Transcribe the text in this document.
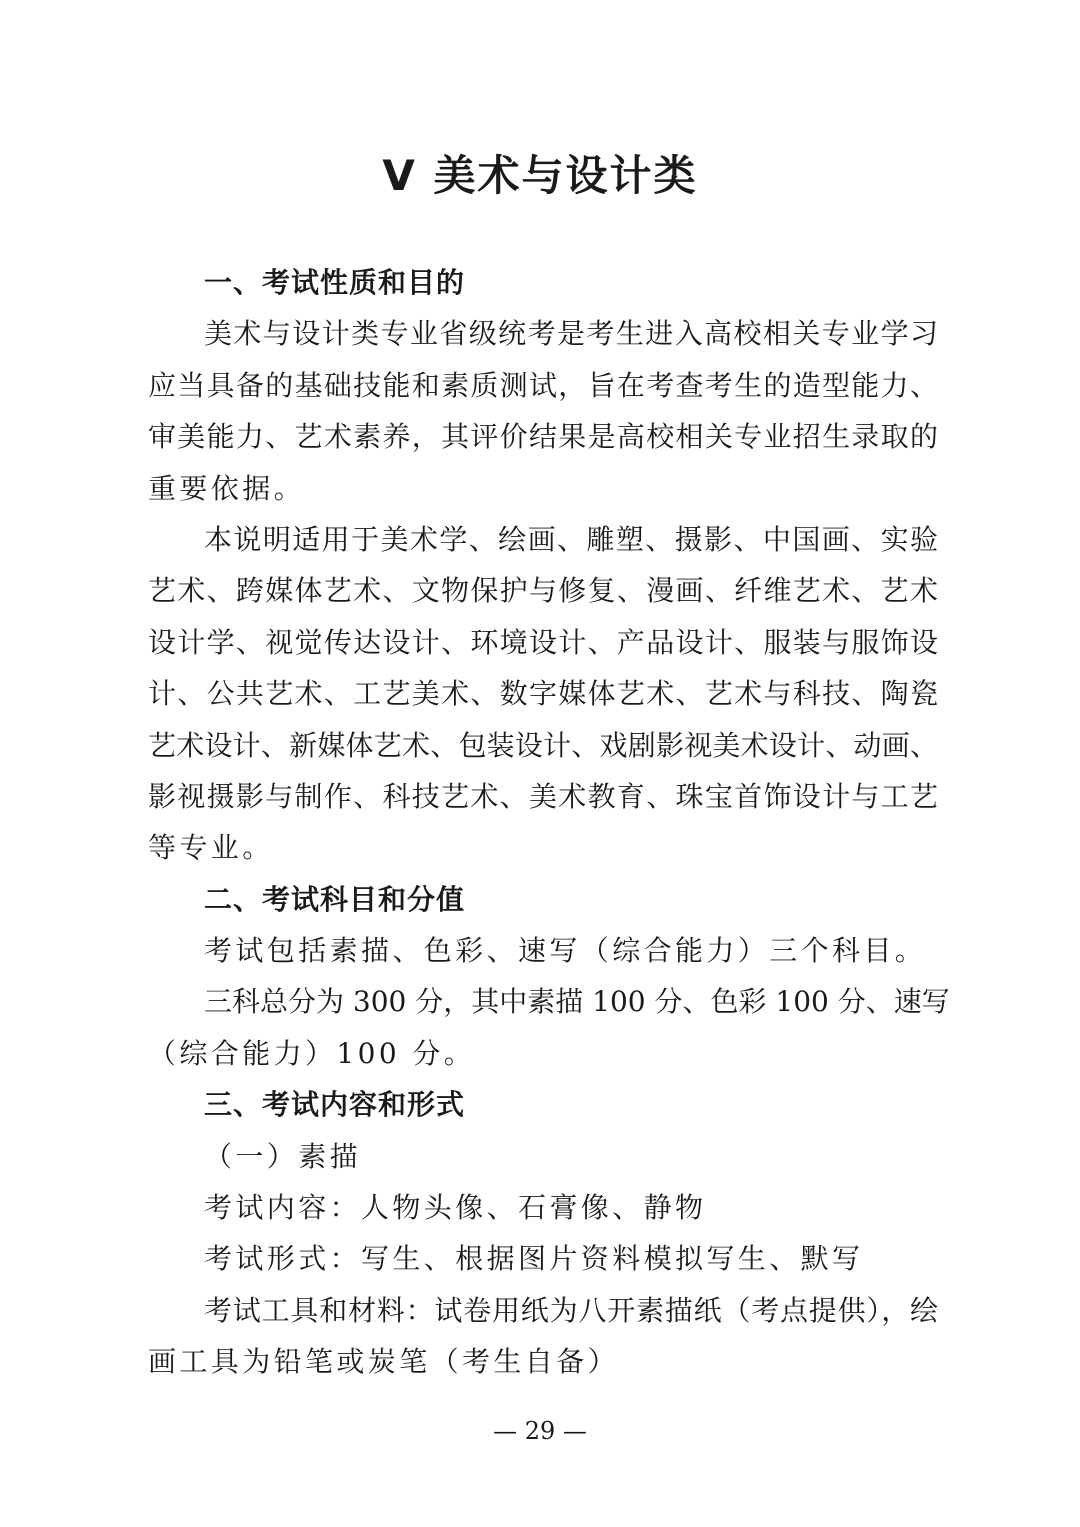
V 美术与设计类
一、考试性质和目的
美术与设计类专业省级统考是考生进入高校相关专业学习
应当具备的基础技能和素质测试，旨在考查考生的造型能力、
审美能力、艺术素养，其评价结果是高校相关专业招生录取的
重要依据。
本说明适用于美术学、绘画、雕塑、摄影、中国画、实验
艺术、跨媒体艺术、文物保护与修复、漫画、纤维艺术、艺术
设计学、视觉传达设计、环境设计、产品设计、服装与服饰设
计、公共艺术、工艺美术、数字媒体艺术、艺术与科技、陶瓷
艺术设计、新媒体艺术、包装设计、戏剧影视美术设计、动画、
影视摄影与制作、科技艺术、美术教育、珠宝首饰设计与工艺
等专业。
二、考试科目和分值
考试包括素描、色彩、速写（综合能力）三个科目。
三科总分为 300 分，其中素描 100 分、色彩 100 分、速写
（综合能力）100 分。
三、考试内容和形式
（一）素描
考试内容：人物头像、石膏像、静物
考试形式：写生、根据图片资料模拟写生、默写
考试工具和材料：试卷用纸为八开素描纸（考点提供），绘
画工具为铅笔或炭笔（考生自备）
— 29 —
